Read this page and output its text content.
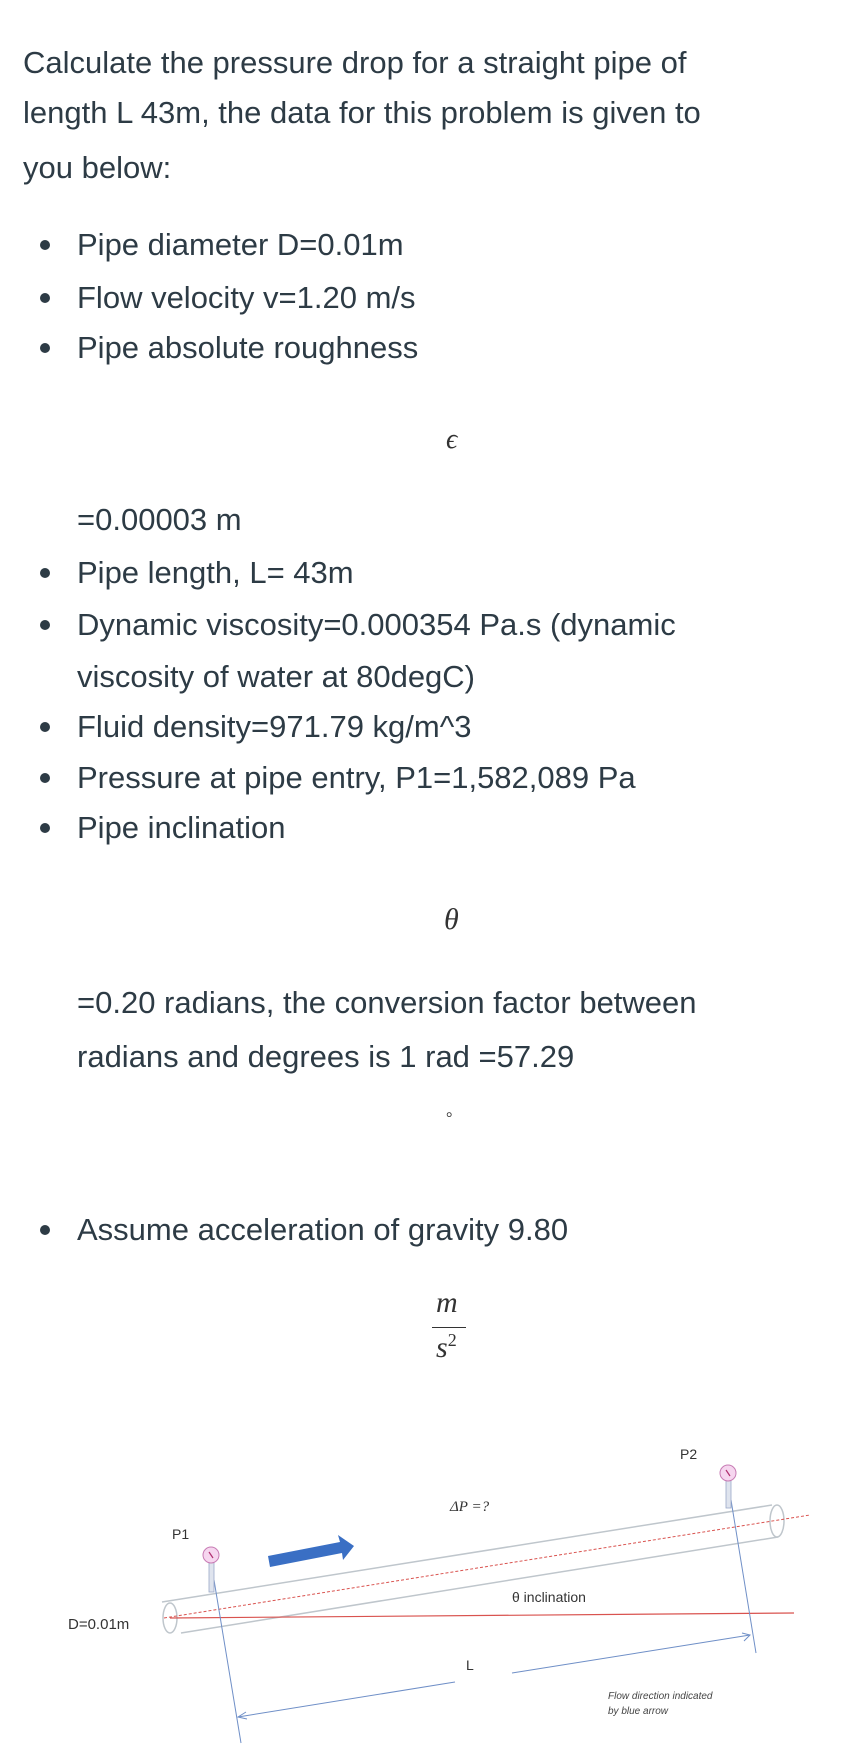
Calculate the pressure drop for a straight pipe of
length L 43m, the data for this problem is given to
you below:
Pipe diameter D=0.01m
Flow velocity v=1.20 m/s
Pipe absolute roughness
ϵ
=0.00003 m
Pipe length, L= 43m
Dynamic viscosity=0.000354 Pa.s (dynamic
viscosity of water at 80degC)
Fluid density=971.79 kg/m^3
Pressure at pipe entry, P1=1,582,089 Pa
Pipe inclination
θ
=0.20 radians, the conversion factor between
radians and degrees is 1 rad =57.29
°
Assume acceleration of gravity 9.80
m
$s^2$
P1
P2
ΔP =?
θ inclination
D=0.01m
L
Flow direction indicated
by blue arrow
